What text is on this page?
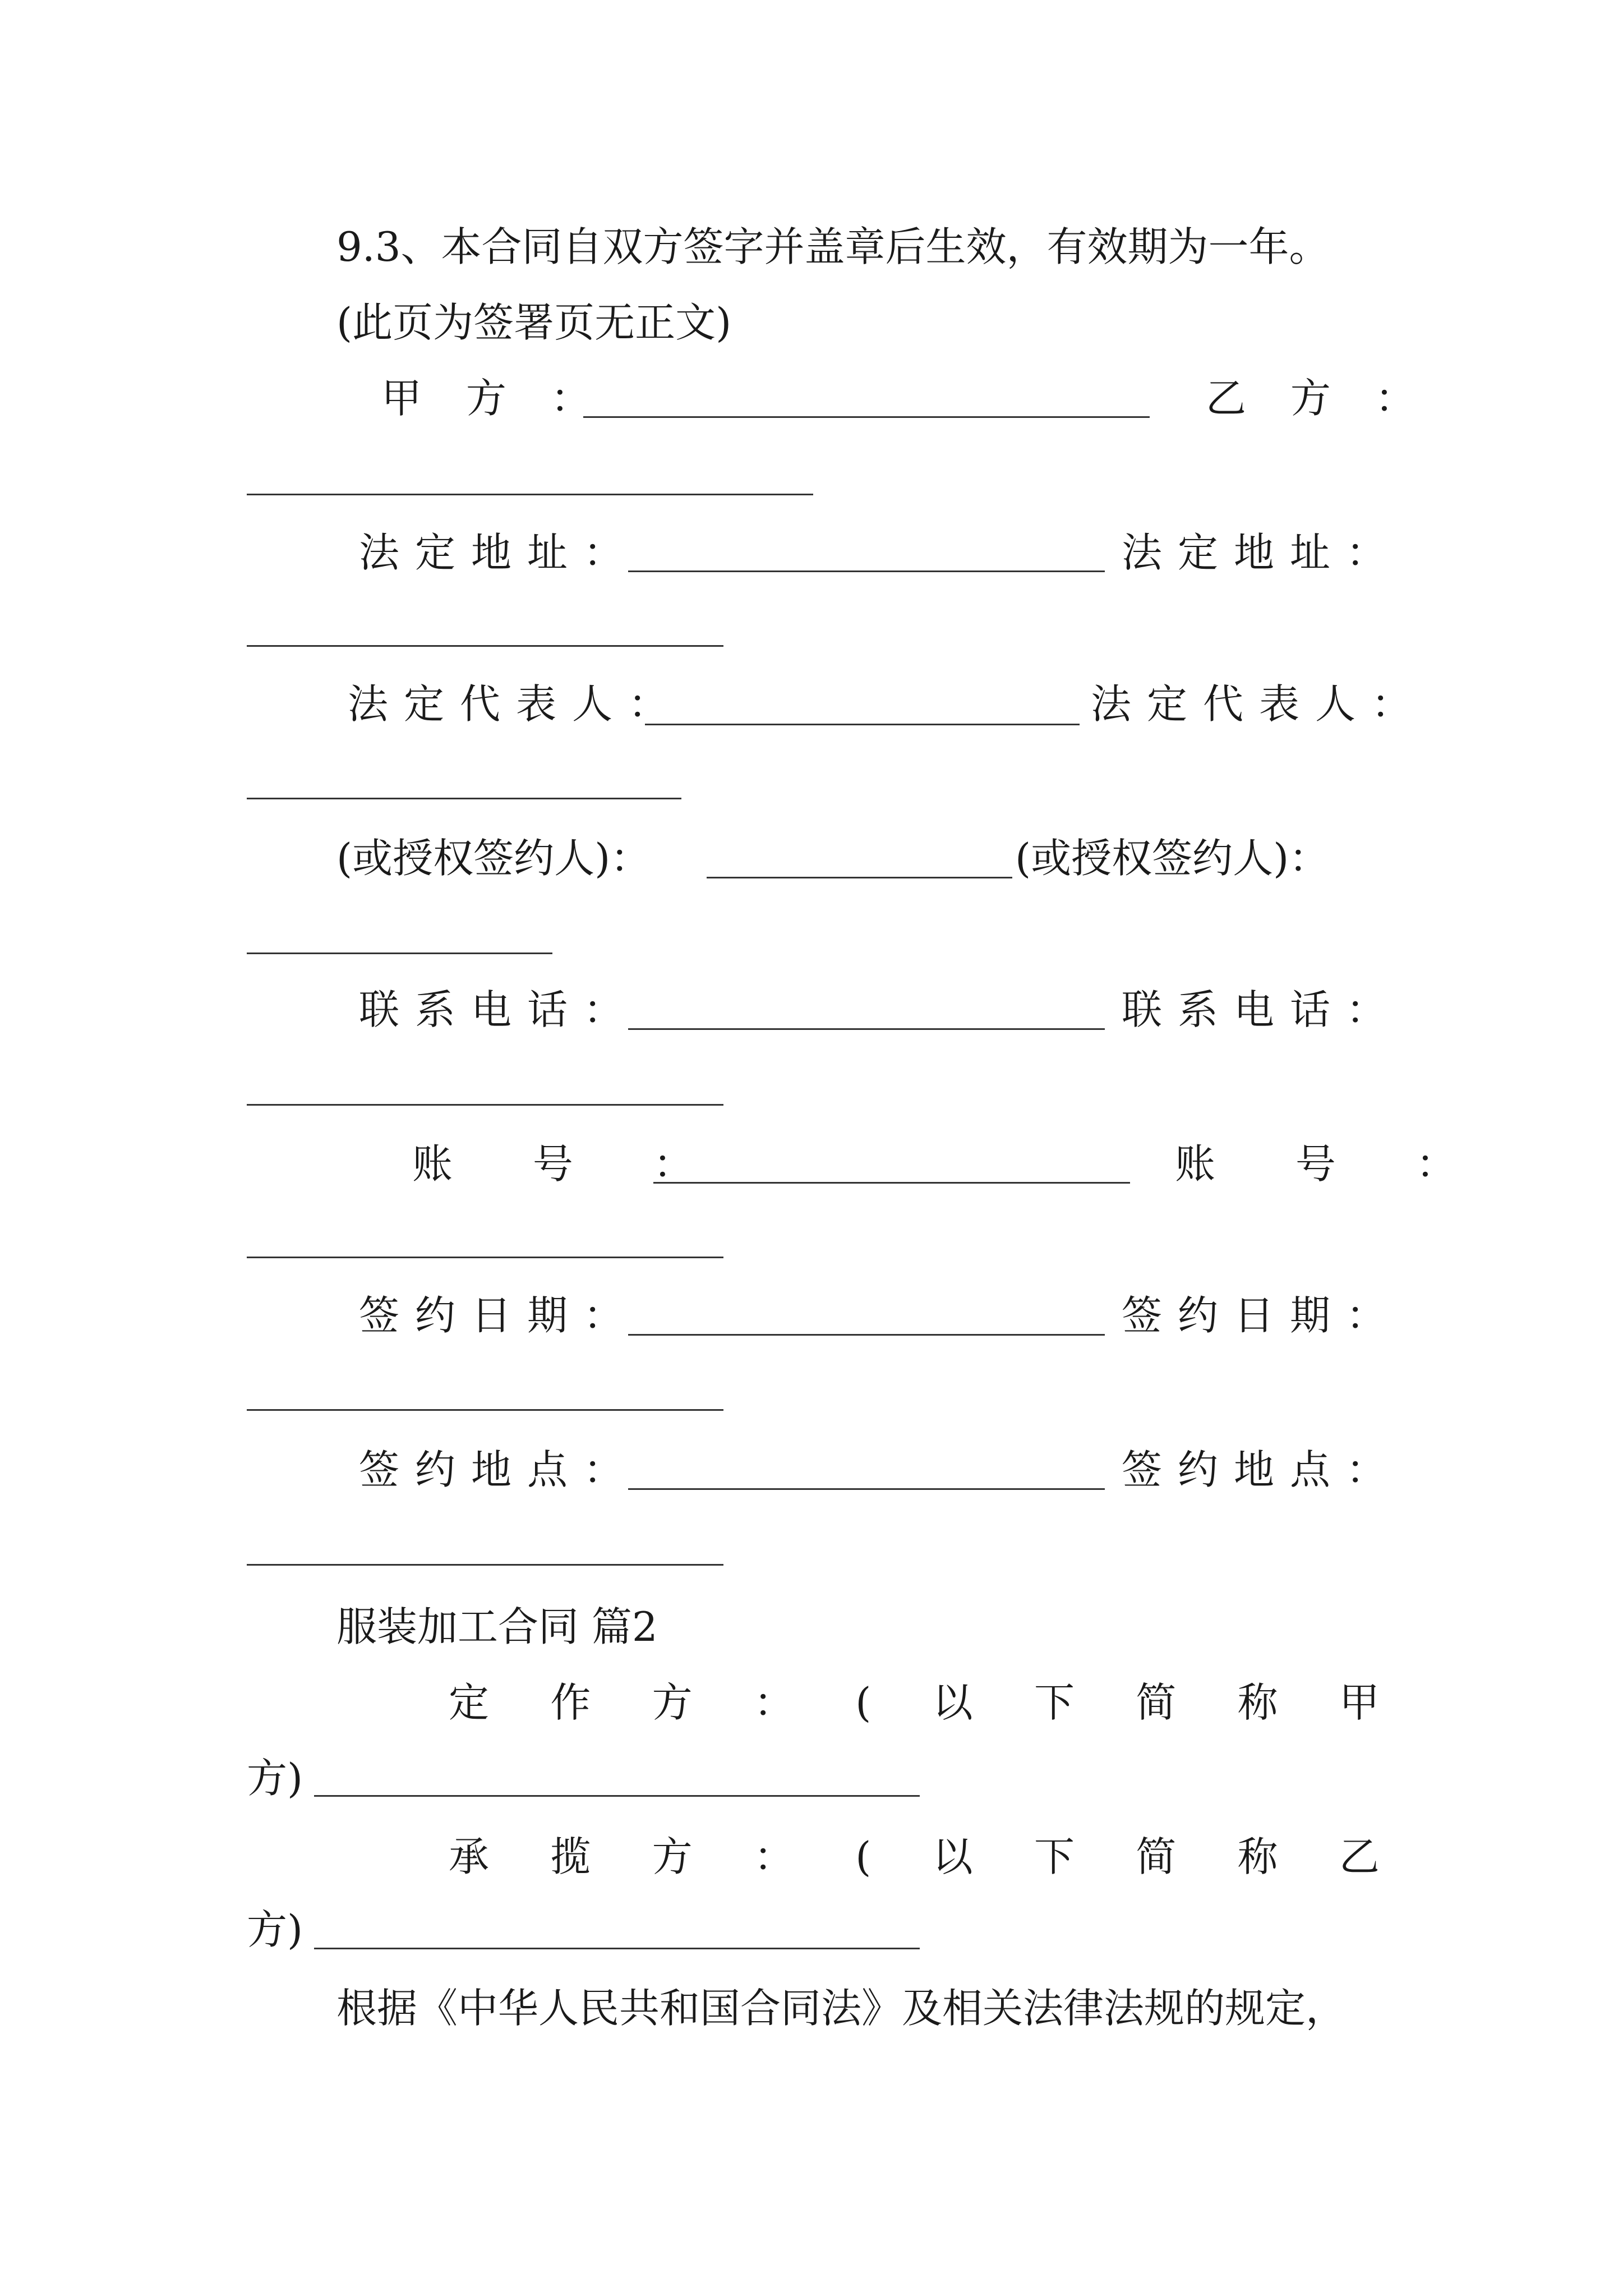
9.3、本合同自双方签字并盖章后生效，有效期为一年。

(此页为签署页无正文)

甲 方 ：	乙 方 ：
法定地址：	法定地址：
法定代表人：	法定代表人：
(或授权签约人)：	(或授权签约人)：
联系电话：	联系电话：
账 号 ：	账 号 ：
签约日期：	签约日期：
签约地点：	签约地点：

服装加工合同 篇2

定 作 方 ： ( 以 下 简 称 甲
方)
承 揽 方 ： ( 以 下 简 称 乙
方)

根据《中华人民共和国合同法》及相关法律法规的规定，
